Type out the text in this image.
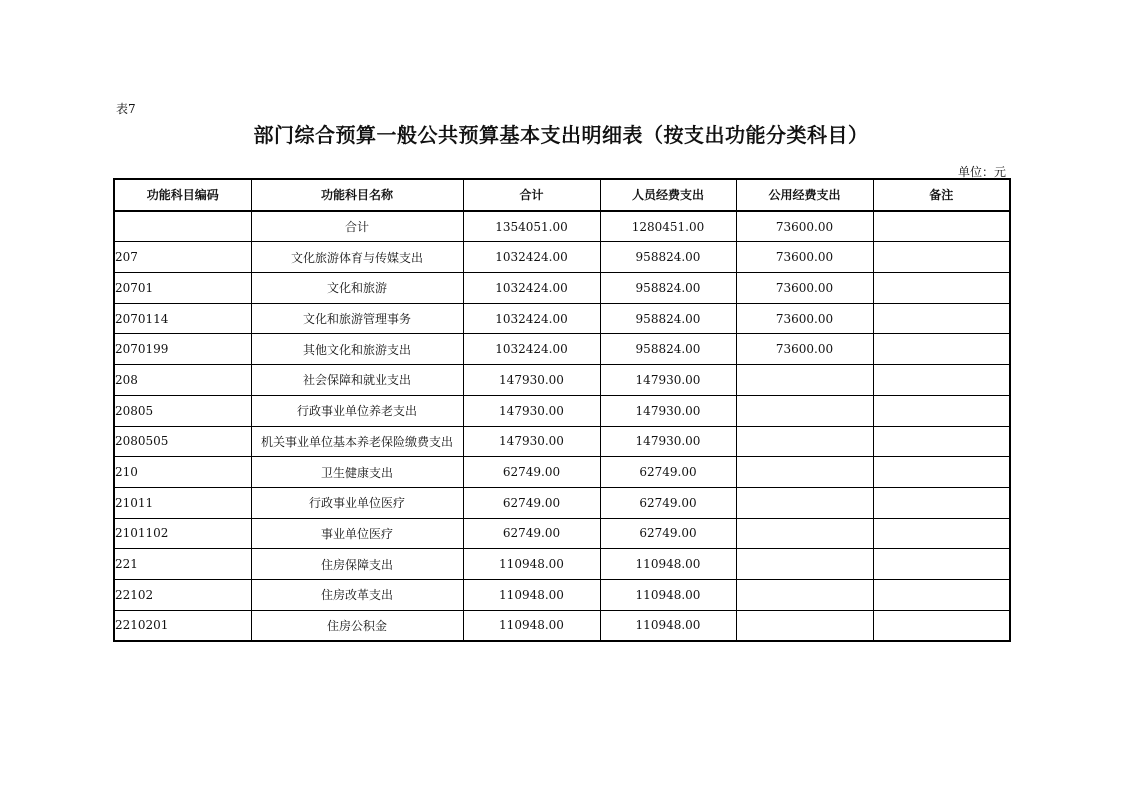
表7
部门综合预算一般公共预算基本支出明细表（按支出功能分类科目）
单位：元
功能科目编码	功能科目名称	合计	人员经费支出	公用经费支出	备注
	合计	1354051.00	1280451.00	73600.00	
207	文化旅游体育与传媒支出	1032424.00	958824.00	73600.00	
20701	文化和旅游	1032424.00	958824.00	73600.00	
2070114	文化和旅游管理事务	1032424.00	958824.00	73600.00	
2070199	其他文化和旅游支出	1032424.00	958824.00	73600.00	
208	社会保障和就业支出	147930.00	147930.00		
20805	行政事业单位养老支出	147930.00	147930.00		
2080505	机关事业单位基本养老保险缴费支出	147930.00	147930.00		
210	卫生健康支出	62749.00	62749.00		
21011	行政事业单位医疗	62749.00	62749.00		
2101102	事业单位医疗	62749.00	62749.00		
221	住房保障支出	110948.00	110948.00		
22102	住房改革支出	110948.00	110948.00		
2210201	住房公积金	110948.00	110948.00		
